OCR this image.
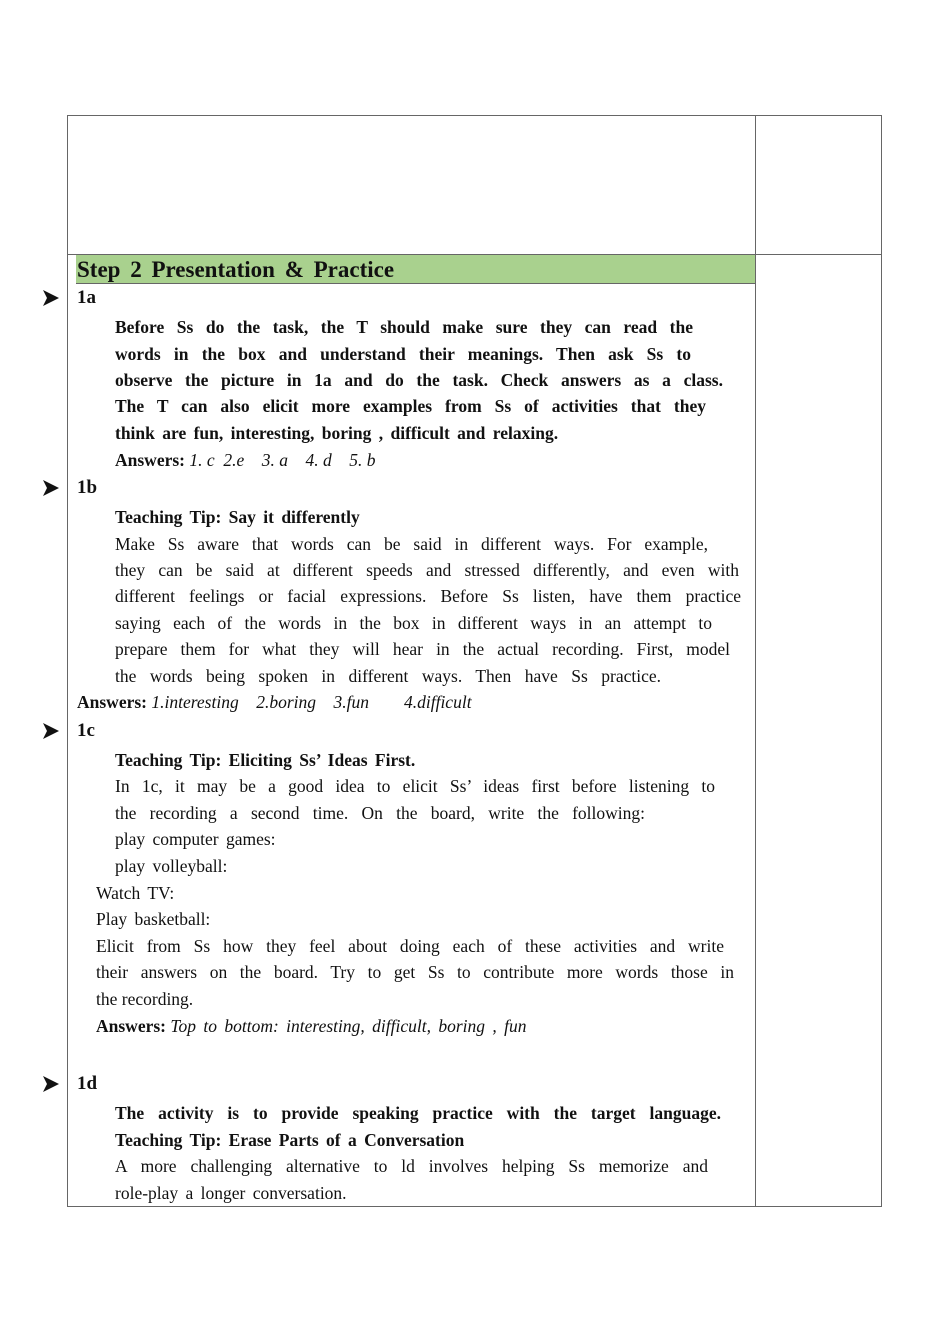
Step 2 Presentation & Practice
1a
Before Ss do the task, the T should make sure they can read the
words in the box and understand their meanings. Then ask Ss to
observe the picture in 1a and do the task. Check answers as a class.
The T can also elicit more examples from Ss of activities that they
think are fun, interesting, boring , difficult and relaxing.
Answers: 1. c  2.e    3. a    4. d    5. b
1b
Teaching Tip: Say it differently
Make Ss aware that words can be said in different ways. For example,
they can be said at different speeds and stressed differently, and even with
different feelings or facial expressions. Before Ss listen, have them practice
saying each of the words in the box in different ways in an attempt to
prepare them for what they will hear in the actual recording. First, model
the words being spoken in different ways. Then have Ss practice.
Answers: 1.interesting    2.boring    3.fun        4.difficult
1c
Teaching Tip: Eliciting Ss’ Ideas First.
In 1c, it may be a good idea to elicit Ss’ ideas first before listening to
the recording a second time. On the board, write the following:
play computer games:
play volleyball:
Watch TV:
Play basketball:
Elicit from Ss how they feel about doing each of these activities and write
their answers on the board. Try to get Ss to contribute more words those in
the recording.
Answers: Top to bottom: interesting, difficult, boring , fun
1d
The activity is to provide speaking practice with the target language.
Teaching Tip: Erase Parts of a Conversation
A more challenging alternative to ld involves helping Ss memorize and
role-play a longer conversation.
